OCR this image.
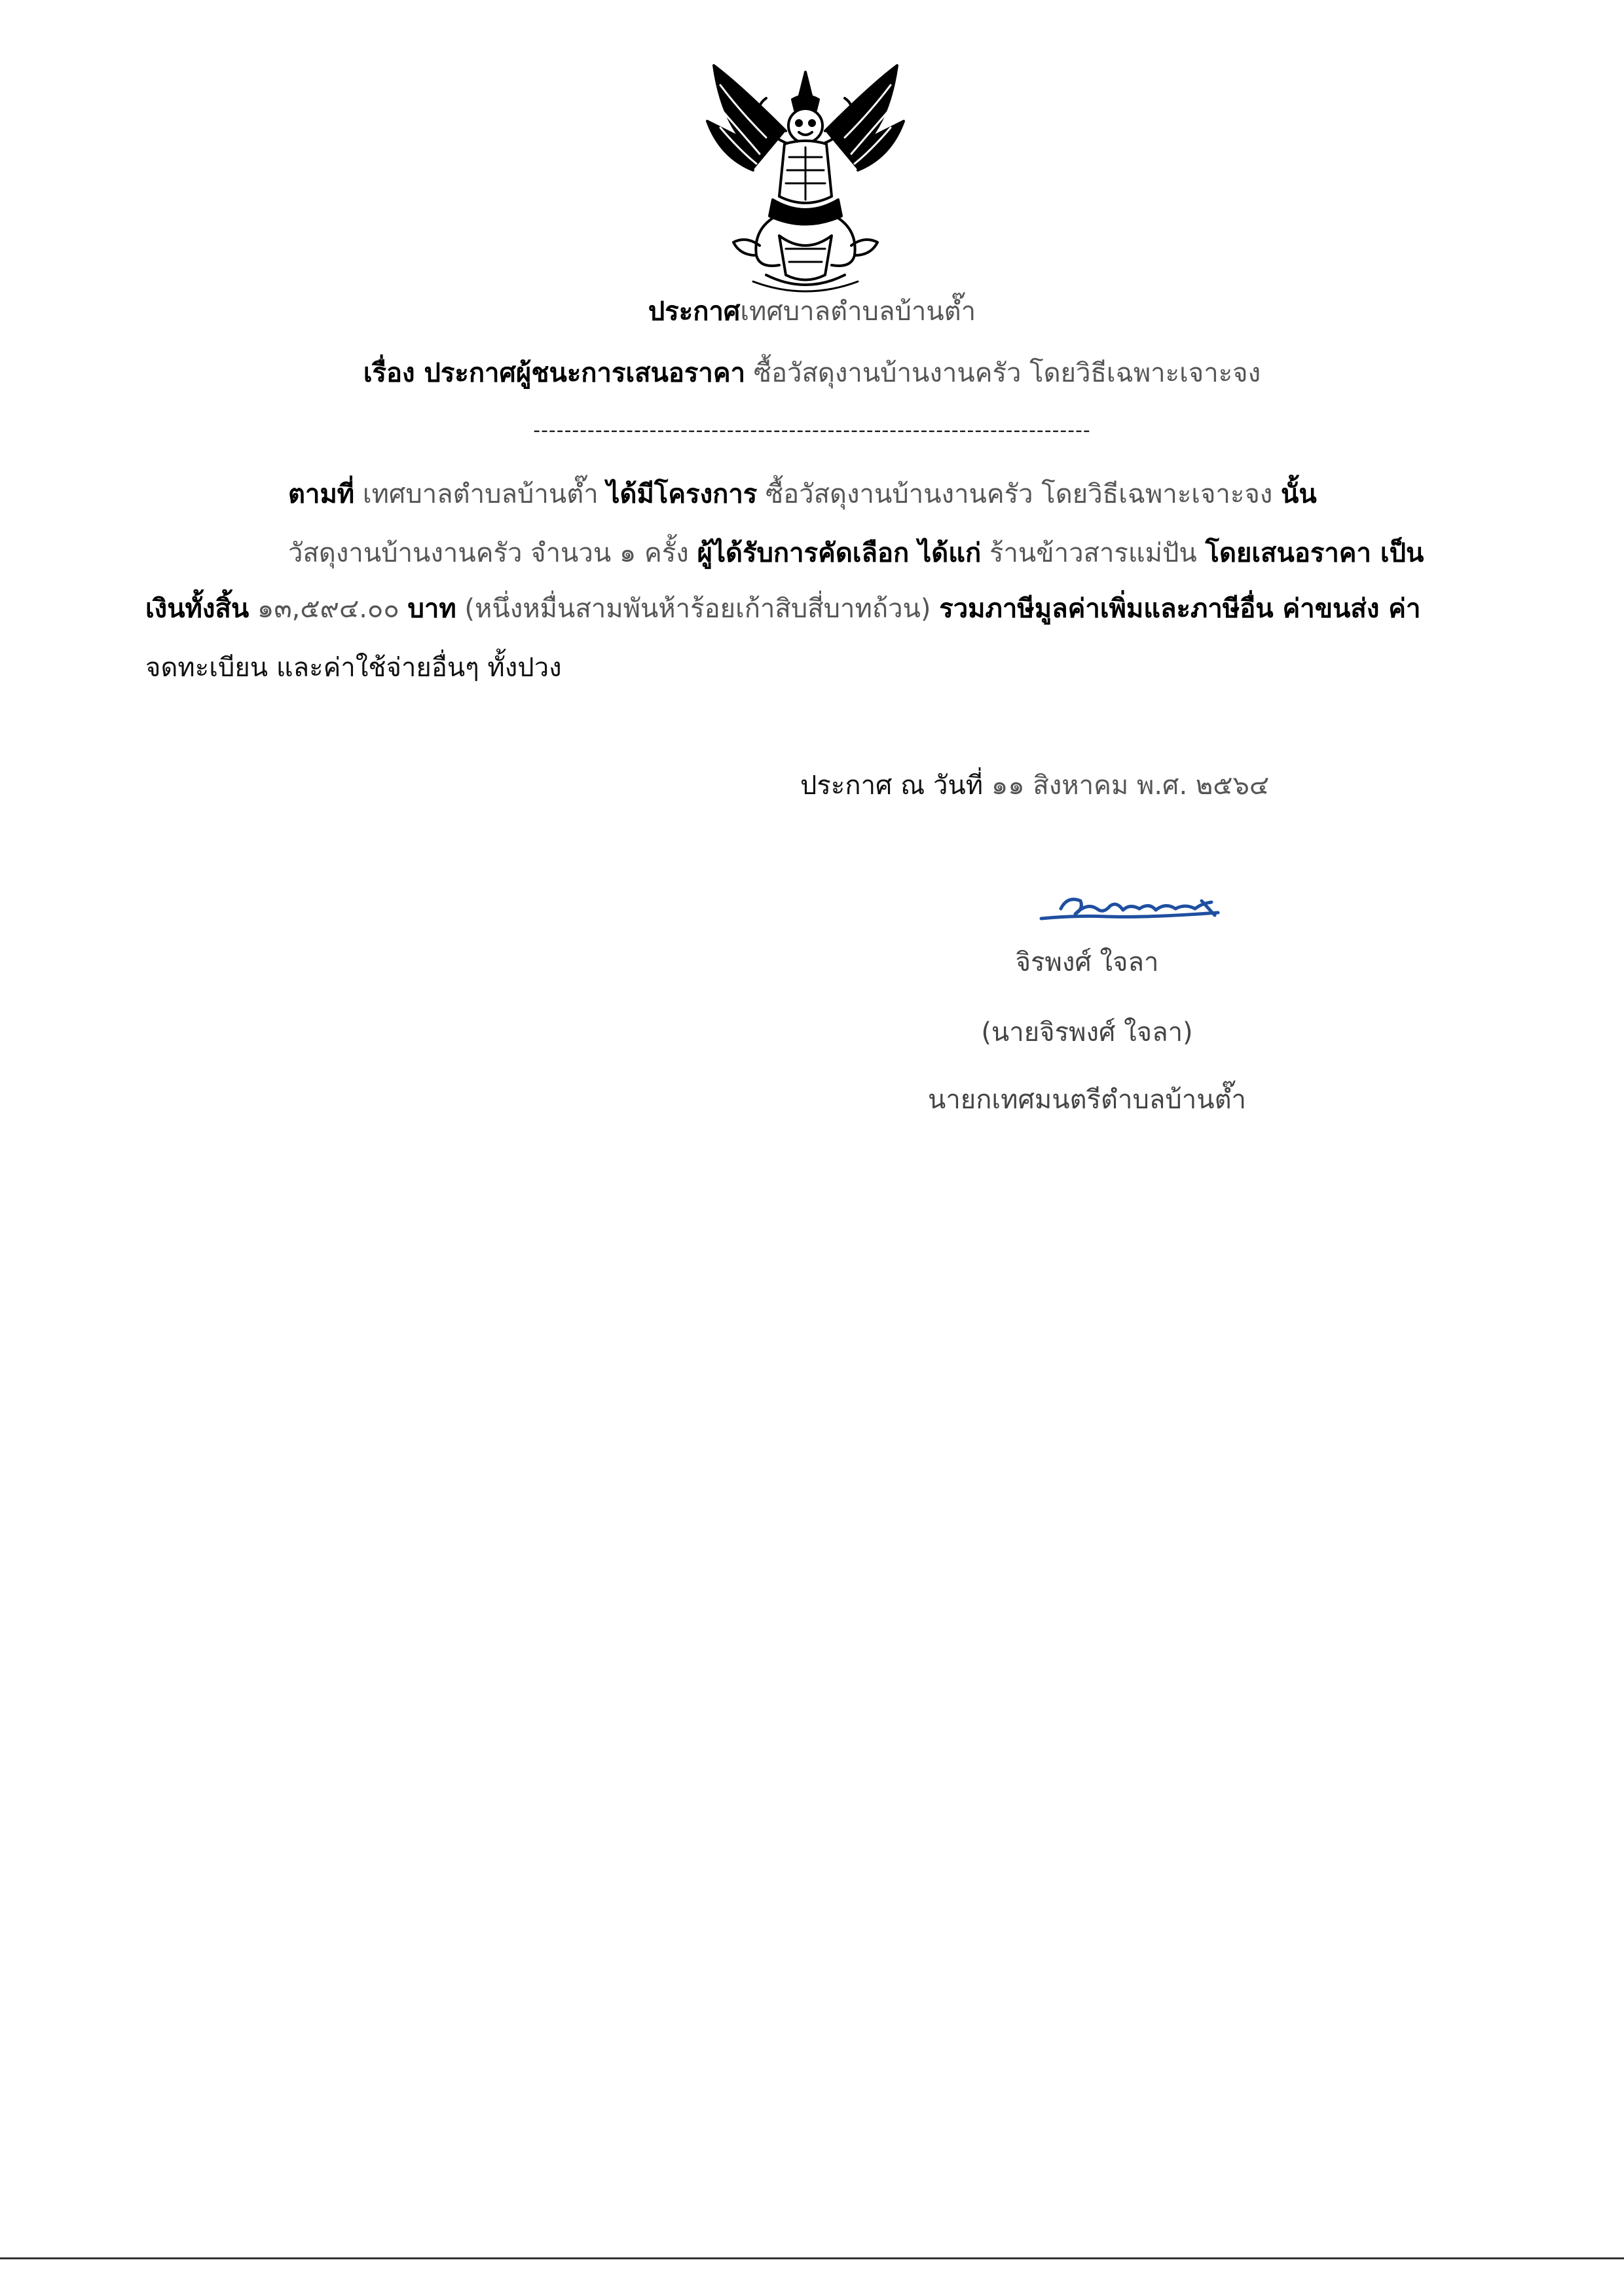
ประกาศเทศบาลตำบลบ้านต๊ำ
เรื่อง ประกาศผู้ชนะการเสนอราคา ซื้อวัสดุงานบ้านงานครัว โดยวิธีเฉพาะเจาะจง
------------------------------------------------------------------------
ตามที่ เทศบาลตำบลบ้านต๊ำ ได้มีโครงการ ซื้อวัสดุงานบ้านงานครัว โดยวิธีเฉพาะเจาะจง นั้น
วัสดุงานบ้านงานครัว จำนวน ๑ ครั้ง ผู้ได้รับการคัดเลือก ได้แก่ ร้านข้าวสารแม่ปัน โดยเสนอราคา เป็น
เงินทั้งสิ้น ๑๓,๕๙๔.๐๐ บาท (หนึ่งหมื่นสามพันห้าร้อยเก้าสิบสี่บาทถ้วน) รวมภาษีมูลค่าเพิ่มและภาษีอื่น ค่าขนส่ง ค่า
จดทะเบียน และค่าใช้จ่ายอื่นๆ ทั้งปวง
ประกาศ ณ วันที่ ๑๑ สิงหาคม พ.ศ. ๒๕๖๔
จิรพงศ์ ใจลา
(นายจิรพงศ์ ใจลา)
นายกเทศมนตรีตำบลบ้านต๊ำ
